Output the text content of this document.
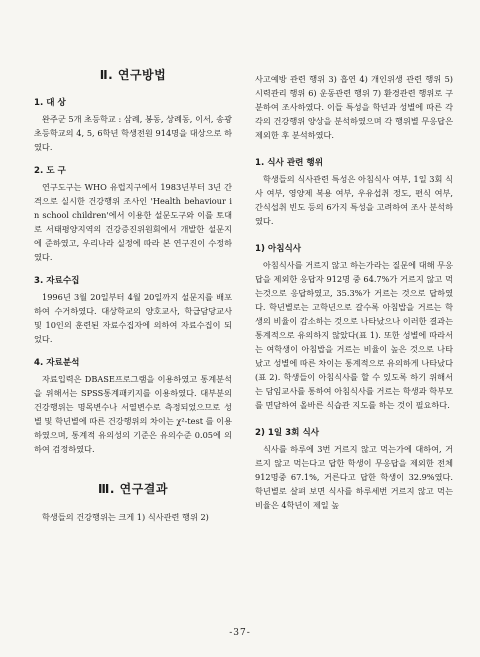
Ⅱ. 연구방법
1. 대 상

완주군 5개 초등학교 : 삼례, 봉동, 상례동, 이서, 송광 초등학교의 4, 5, 6학년 학생전원 914명을 대상으로 하였다.

2. 도 구

연구도구는 WHO 유럽지구에서 1983년부터 3년 간격으로 실시한 건강행위 조사인 'Health behaviour in school children'에서 이용한 설문도구와 이를 토대로 서태평양지역의 건강증진위원회에서 개발한 설문지에 준하였고, 우리나라 실정에 따라 본 연구진이 수정하였다.

3. 자료수집

1996년 3월 20일부터 4월 20일까지 설문지를 배포하여 수거하였다. 대상학교의 양호교사, 학급담당교사 및 10인의 훈련된 자료수집자에 의하여 자료수집이 되었다.

4. 자료분석

자료입력은 DBASE프로그램을 이용하였고 통계분석을 위해서는 SPSS통계패키지를 이용하였다. 대부분의 건강행위는 명목변수나 서열변수로 측정되었으므로 성별 및 학년별에 따른 건강행위의 차이는 χ²-test 를 이용하였으며, 통계적 유의성의 기준은 유의수준 0.05에 의하여 검정하였다.

Ⅲ. 연구결과

학생들의 건강행위는 크게 1) 식사관련 행위 2)

사고예방 관련 행위 3) 흡연 4) 개인위생 관련 행위 5) 시력관리 행위 6) 운동관련 행위 7) 환경관련 행위로 구분하여 조사하였다. 이들 특성을 학년과 성별에 따른 각각의 건강행위 양상을 분석하였으며 각 행위별 무응답은 제외한 후 분석하였다.

1. 식사 관련 행위

학생들의 식사관련 특성은 아침식사 여부, 1일 3회 식사 여부, 영양제 복용 여부, 우유섭취 정도, 편식 여부, 간식섭취 빈도 등의 6가지 특성을 고려하여 조사 분석하였다.

1) 아침식사

아침식사를 거르지 않고 하는가라는 질문에 대해 무응답을 제외한 응답자 912명 중 64.7%가 거르지 않고 먹는것으로 응답하였고, 35.3%가 거르는 것으로 답하였다. 학년별로는 고학년으로 갈수록 아침밥을 거르는 학생의 비율이 감소하는 것으로 나타났으나 이러한 결과는 통계적으로 유의하지 않았다(표 1). 또한 성별에 따라서는 여학생이 아침밥을 거르는 비율이 높은 것으로 나타났고 성별에 따른 차이는 통계적으로 유의하게 나타났다(표 2). 학생들이 아침식사를 할 수 있도록 하기 위해서는 담임교사를 통하여 아침식사를 거르는 학생과 학부모를 면담하여 올바른 식습관 지도를 하는 것이 필요하다.

2) 1일 3회 식사

식사를 하루에 3번 거르지 않고 먹는가에 대하여, 거르지 않고 먹는다고 답한 학생이 무응답을 제외한 전체 912명중 67.1%, 거른다고 답한 학생이 32.9%였다. 학년별로 살펴 보면 식사를 하루세번 거르지 않고 먹는 비율은 4학년이 제일 높

-37-
